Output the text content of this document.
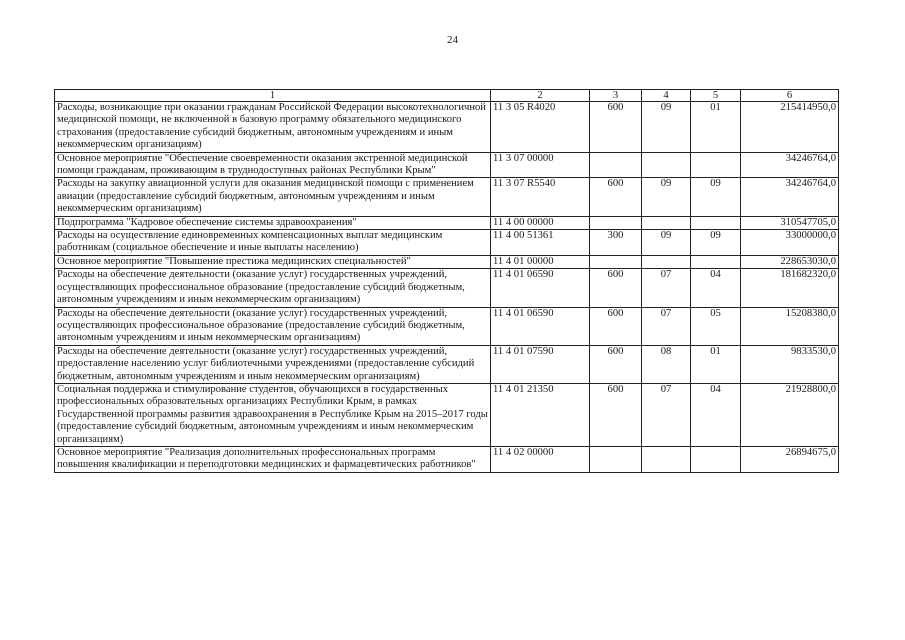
24
1	2	3	4	5	6
Расходы, возникающие при оказании гражданам Российской Федерации высокотехнологичной медицинской помощи, не включенной в базовую программу обязательного медицинского страхования (предоставление субсидий бюджетным, автономным учреждениям и иным некоммерческим организациям)	11 3 05 R4020	600	09	01	215414950,0
Основное мероприятие "Обеспечение своевременности оказания экстренной медицинской помощи гражданам, проживающим в труднодоступных районах Республики Крым"	11 3 07 00000				34246764,0
Расходы на закупку авиационной услуги для оказания медицинской помощи с применением авиации (предоставление субсидий бюджетным, автономным учреждениям и иным некоммерческим организациям)	11 3 07 R5540	600	09	09	34246764,0
Подпрограмма "Кадровое обеспечение системы здравоохранения"	11 4 00 00000				310547705,0
Расходы на осуществление единовременных компенсационных выплат медицинским работникам (социальное обеспечение и иные выплаты населению)	11 4 00 51361	300	09	09	33000000,0
Основное мероприятие "Повышение престижа медицинских специальностей"	11 4 01 00000				228653030,0
Расходы на обеспечение деятельности (оказание услуг) государственных учреждений, осуществляющих профессиональное образование (предоставление субсидий бюджетным, автономным учреждениям и иным некоммерческим организациям)	11 4 01 06590	600	07	04	181682320,0
Расходы на обеспечение деятельности (оказание услуг) государственных учреждений, осуществляющих профессиональное образование (предоставление субсидий бюджетным, автономным учреждениям и иным некоммерческим организациям)	11 4 01 06590	600	07	05	15208380,0
Расходы на обеспечение деятельности (оказание услуг) государственных учреждений, предоставление населению услуг библиотечными учреждениями (предоставление субсидий бюджетным, автономным учреждениям и иным некоммерческим организациям)	11 4 01 07590	600	08	01	9833530,0
Социальная поддержка и стимулирование студентов, обучающихся в государственных профессиональных образовательных организациях Республики Крым, в рамках Государственной программы развития здравоохранения в Республике Крым на 2015–2017 годы (предоставление субсидий бюджетным, автономным учреждениям и иным некоммерческим организациям)	11 4 01 21350	600	07	04	21928800,0
Основное мероприятие "Реализация дополнительных профессиональных программ повышения квалификации и переподготовки медицинских и фармацевтических работников"	11 4 02 00000				26894675,0
